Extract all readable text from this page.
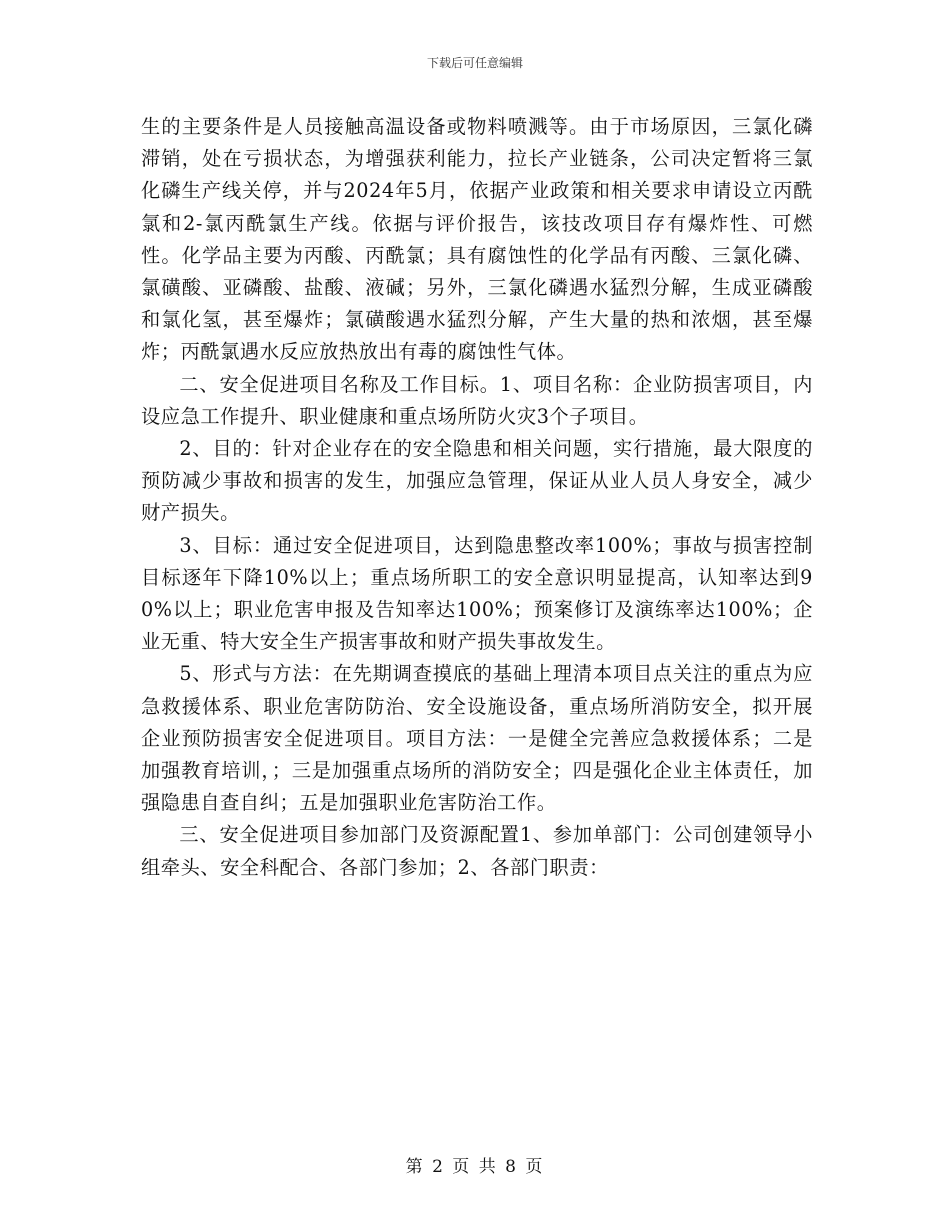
下载后可任意编辑

生的主要条件是人员接触高温设备或物料喷溅等。由于市场原因，三氯化磷滞销，处在亏损状态，为增强获利能力，拉长产业链条，公司决定暂将三氯化磷生产线关停，并与2024年5月，依据产业政策和相关要求申请设立丙酰氯和2-氯丙酰氯生产线。依据与评价报告，该技改项目存有爆炸性、可燃性。化学品主要为丙酸、丙酰氯；具有腐蚀性的化学品有丙酸、三氯化磷、氯磺酸、亚磷酸、盐酸、液碱；另外，三氯化磷遇水猛烈分解，生成亚磷酸和氯化氢，甚至爆炸；氯磺酸遇水猛烈分解，产生大量的热和浓烟，甚至爆炸；丙酰氯遇水反应放热放出有毒的腐蚀性气体。

二、安全促进项目名称及工作目标。1、项目名称：企业防损害项目，内设应急工作提升、职业健康和重点场所防火灾3个子项目。

2、目的：针对企业存在的安全隐患和相关问题，实行措施，最大限度的预防减少事故和损害的发生，加强应急管理，保证从业人员人身安全，减少财产损失。

3、目标：通过安全促进项目，达到隐患整改率100%；事故与损害控制目标逐年下降10%以上；重点场所职工的安全意识明显提高，认知率达到90%以上；职业危害申报及告知率达100%；预案修订及演练率达100%；企业无重、特大安全生产损害事故和财产损失事故发生。

5、形式与方法：在先期调查摸底的基础上理清本项目点关注的重点为应急救援体系、职业危害防防治、安全设施设备，重点场所消防安全，拟开展企业预防损害安全促进项目。项目方法：一是健全完善应急救援体系；二是加强教育培训，；三是加强重点场所的消防安全；四是强化企业主体责任，加强隐患自查自纠；五是加强职业危害防治工作。

三、安全促进项目参加部门及资源配置1、参加单部门：公司创建领导小组牵头、安全科配合、各部门参加；2、各部门职责：

第 2 页 共 8 页
